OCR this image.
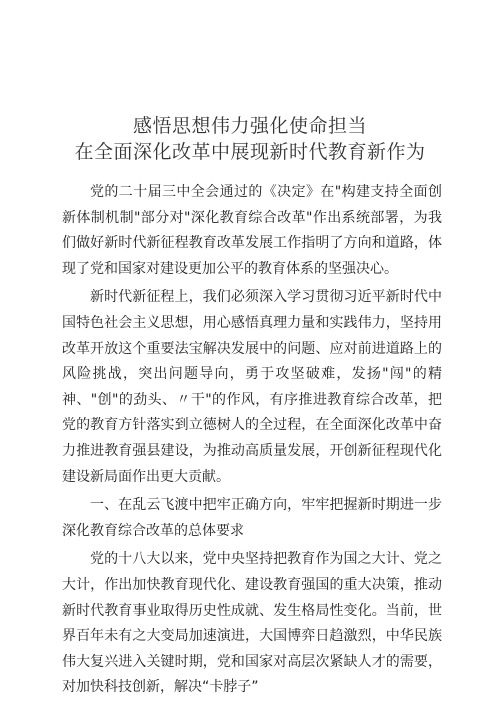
感悟思想伟力强化使命担当
在全面深化改革中展现新时代教育新作为

党的二十届三中全会通过的《决定》在"构建支持全面创新体制机制"部分对"深化教育综合改革"作出系统部署，为我们做好新时代新征程教育改革发展工作指明了方向和道路，体现了党和国家对建设更加公平的教育体系的坚强决心。

新时代新征程上，我们必须深入学习贯彻习近平新时代中国特色社会主义思想，用心感悟真理力量和实践伟力，坚持用改革开放这个重要法宝解决发展中的问题、应对前进道路上的风险挑战，突出问题导向，勇于攻坚破难，发扬"闯"的精神、"创"的劲头、〃干"的作风，有序推进教育综合改革，把党的教育方针落实到立德树人的全过程，在全面深化改革中奋力推进教育强县建设，为推动高质量发展，开创新征程现代化建设新局面作出更大贡献。

一、在乱云飞渡中把牢正确方向，牢牢把握新时期进一步深化教育综合改革的总体要求

党的十八大以来，党中央坚持把教育作为国之大计、党之大计，作出加快教育现代化、建设教育强国的重大决策，推动新时代教育事业取得历史性成就、发生格局性变化。当前，世界百年未有之大变局加速演进，大国博弈日趋激烈，中华民族伟大复兴进入关键时期，党和国家对高层次紧缺人才的需要，对加快科技创新，解决“卡脖子”
